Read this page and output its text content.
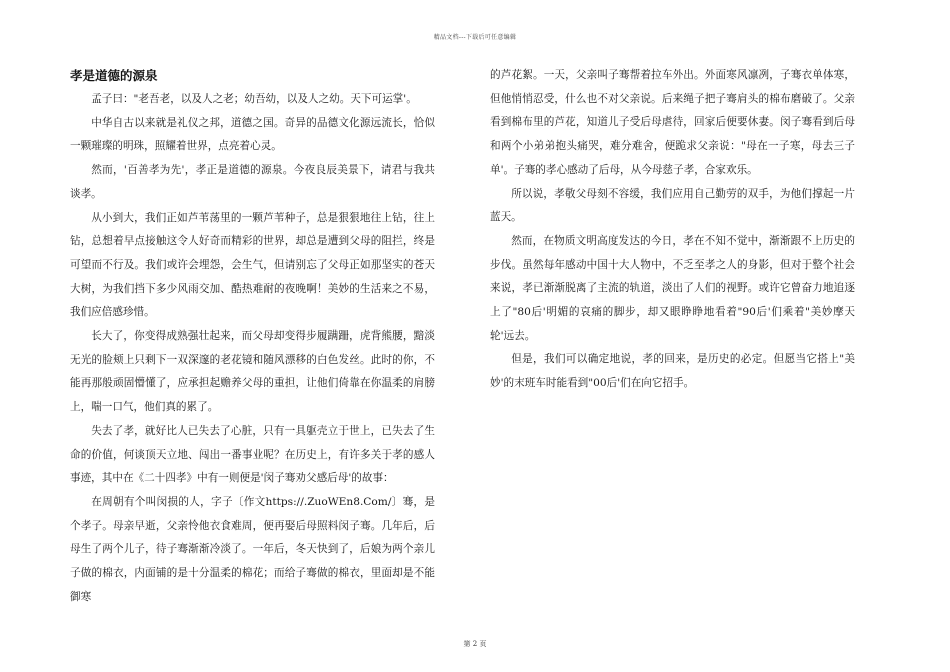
精品文档---下载后可任意编辑
孝是道德的源泉

孟子曰："老吾老，以及人之老；幼吾幼，以及人之幼。天下可运掌'。

中华自古以来就是礼仪之邦，道德之国。奇异的品德文化源远流长，恰似一颗璀璨的明珠，照耀着世界，点亮着心灵。

然而，'百善孝为先'，孝正是道德的源泉。今夜良辰美景下，请君与我共谈孝。

从小到大，我们正如芦苇荡里的一颗芦苇种子，总是狠狠地往上钻，往上钻，总想着早点接触这令人好奇而精彩的世界，却总是遭到父母的阻拦，终是可望而不行及。我们或许会埋怨，会生气，但请别忘了父母正如那坚实的苍天大树，为我们挡下多少风雨交加、酷热难耐的夜晚啊！美妙的生活来之不易，我们应倍感珍惜。

长大了，你变得成熟强壮起来，而父母却变得步履蹒跚，虎背熊腰，黯淡无光的脸颊上只剩下一双深邃的老花镜和随风漂移的白色发丝。此时的你，不能再那般顽固懵懂了，应承担起赡养父母的重担，让他们倚靠在你温柔的肩膀上，喘一口气，他们真的累了。

失去了孝，就好比人已失去了心脏，只有一具躯壳立于世上，已失去了生命的价值，何谈顶天立地、闯出一番事业呢？在历史上，有许多关于孝的感人事迹，其中在《二十四孝》中有一则便是'闵子骞劝父感后母'的故事：

在周朝有个叫闵损的人，字子〔作文https://.ZuoWEn8.Com/〕骞，是个孝子。母亲早逝，父亲怜他衣食难周，便再娶后母照料闵子骞。几年后，后母生了两个儿子，待子骞渐渐冷淡了。一年后，冬天快到了，后娘为两个亲儿子做的棉衣，内面铺的是十分温柔的棉花；而给子骞做的棉衣，里面却是不能御寒

的芦花絮。一天，父亲叫子骞帮着拉车外出。外面寒风凛冽，子骞衣单体寒，但他悄悄忍受，什么也不对父亲说。后来绳子把子骞肩头的棉布磨破了。父亲看到棉布里的芦花，知道儿子受后母虐待，回家后便要休妻。闵子骞看到后母和两个小弟弟抱头痛哭，难分难舍，便跪求父亲说："母在一子寒，母去三子单'。子骞的孝心感动了后母，从今母慈子孝，合家欢乐。

所以说，孝敬父母刻不容缓，我们应用自己勤劳的双手，为他们撑起一片蓝天。

然而，在物质文明高度发达的今日，孝在不知不觉中，渐渐跟不上历史的步伐。虽然每年感动中国十大人物中，不乏至孝之人的身影，但对于整个社会来说，孝已渐渐脱离了主流的轨道，淡出了人们的视野。或许它曾奋力地追逐上了"80后'明媚的哀痛的脚步，却又眼睁睁地看着"90后'们乘着"美妙摩天轮'远去。

但是，我们可以确定地说，孝的回来，是历史的必定。但愿当它搭上"美妙'的末班车时能看到"00后'们在向它招手。

第 2 页
